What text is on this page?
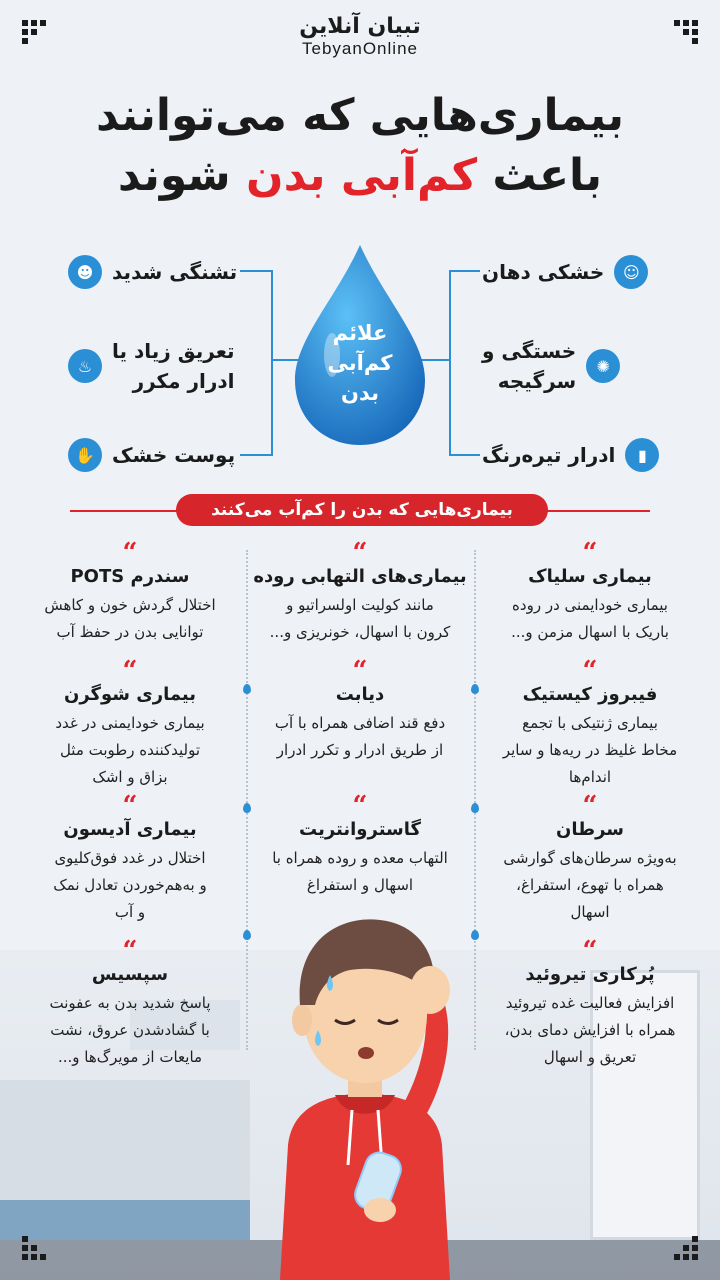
تبیان آنلاین
TebyanOnline
بیماری‌هایی که می‌توانند
باعث کم‌آبی بدن شوند
علائم
کم‌آبی
بدن
☺
خشکی دهان
✺
خستگی و
سرگیجه
▮
ادرار تیره‌رنگ
☻ تشنگی شدید
♨
تعریق زیاد یا
ادرار مکرر
✋ پوست خشک
بیماری‌هایی که بدن را کم‌آب می‌کنند
“
بیماری سلیاک
بیماری خودایمنی در روده
باریک با اسهال مزمن و...
“
بیماری‌های التهابی روده
مانند کولیت اولسراتیو و
کرون با اسهال، خونریزی و...
“
سندرم POTS
اختلال گردش خون و کاهش
توانایی بدن در حفظ آب
“
فیبروز کیستیک
بیماری ژنتیکی با تجمع
مخاط غلیظ در ریه‌ها و سایر
اندام‌ها
“
دیابت
دفع قند اضافی همراه با آب
از طریق ادرار و تکرر ادرار
“
بیماری شوگرن
بیماری خودایمنی در غدد
تولیدکننده رطوبت مثل
بزاق و اشک
“
سرطان
به‌ویژه سرطان‌های گوارشی
همراه با تهوع، استفراغ،
اسهال
“
گاستروانتریت
التهاب معده و روده همراه با
اسهال و استفراغ
“
بیماری آدیسون
اختلال در غدد فوق‌کلیوی
و به‌هم‌خوردن تعادل نمک
و آب
“
پُرکاری تیروئید
افزایش فعالیت غده تیروئید
همراه با افزایش دمای بدن،
تعریق و اسهال
“
سپسیس
پاسخ شدید بدن به عفونت
با گشادشدن عروق، نشت
مایعات از مویرگ‌ها و...
